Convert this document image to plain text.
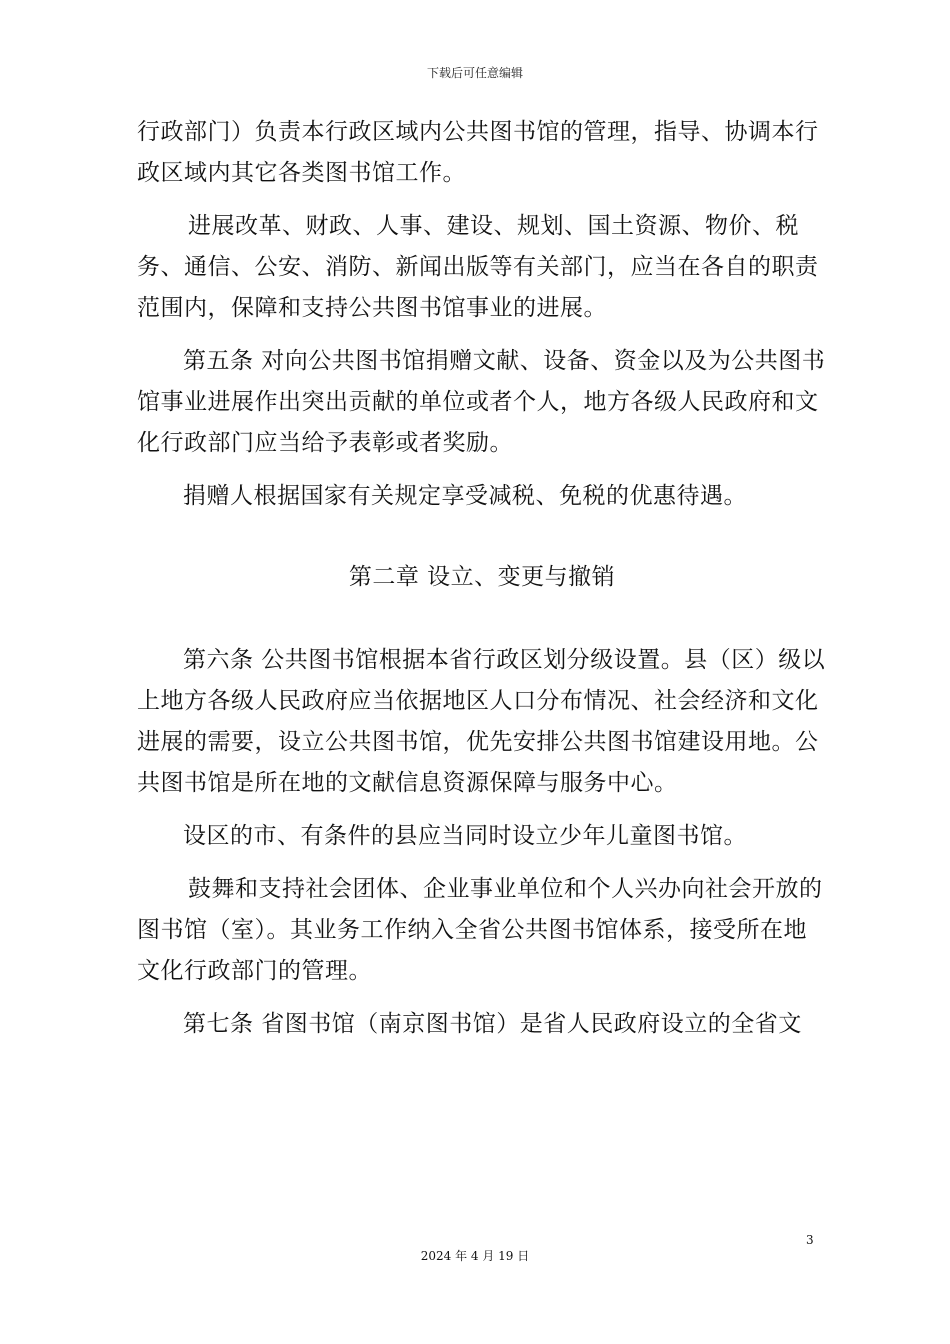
下载后可任意编辑

行政部门）负责本行政区域内公共图书馆的管理，指导、协调本行政区域内其它各类图书馆工作。

进展改革、财政、人事、建设、规划、国土资源、物价、税务、通信、公安、消防、新闻出版等有关部门，应当在各自的职责范围内，保障和支持公共图书馆事业的进展。

第五条 对向公共图书馆捐赠文献、设备、资金以及为公共图书馆事业进展作出突出贡献的单位或者个人，地方各级人民政府和文化行政部门应当给予表彰或者奖励。

捐赠人根据国家有关规定享受减税、免税的优惠待遇。

第二章 设立、变更与撤销

第六条 公共图书馆根据本省行政区划分级设置。县（区）级以上地方各级人民政府应当依据地区人口分布情况、社会经济和文化进展的需要，设立公共图书馆，优先安排公共图书馆建设用地。公共图书馆是所在地的文献信息资源保障与服务中心。

设区的市、有条件的县应当同时设立少年儿童图书馆。

鼓舞和支持社会团体、企业事业单位和个人兴办向社会开放的图书馆（室）。其业务工作纳入全省公共图书馆体系，接受所在地文化行政部门的管理。

第七条 省图书馆（南京图书馆）是省人民政府设立的全省文

3
2024 年 4 月 19 日
